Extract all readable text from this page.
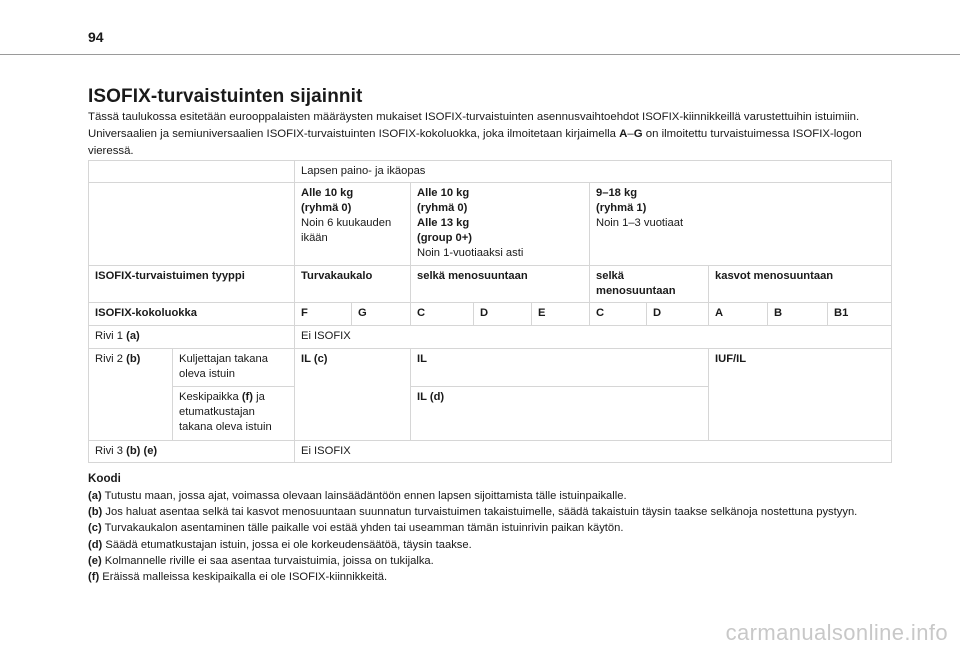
94
ISOFIX-turvaistuinten sijainnit
Tässä taulukossa esitetään eurooppalaisten määräysten mukaiset ISOFIX-turvaistuinten asennusvaihtoehdot ISOFIX-kiinnikkeillä varustettuihin istuimiin.
Universaalien ja semiuniversaalien ISOFIX-turvaistuinten ISOFIX-kokoluokka, joka ilmoitetaan kirjaimella A–G on ilmoitettu turvaistuimessa ISOFIX-logon vieressä.
		Lapsen paino- ja ikäopas									
		Alle 10 kg
(ryhmä 0)
Noin 6 kuukauden ikään		Alle 10 kg
(ryhmä 0)
Alle 13 kg
(group 0+)
Noin 1-vuotiaaksi asti			9–18 kg
(ryhmä 1)
Noin 1–3 vuotiaat				
ISOFIX-turvaistuimen tyyppi		Turvakaukalo		selkä menosuuntaan			selkä menosuuntaan		kasvot menosuuntaan		
ISOFIX-kokoluokka		F	G	C	D	E	C	D	A	B	B1
Rivi 1 (a)		Ei ISOFIX									
Rivi 2 (b)	Kuljettajan takana oleva istuin	IL (c)		IL					IUF/IL		
	Keskipaikka (f) ja etumatkustajan takana oleva istuin			IL (d)							
Rivi 3 (b) (e)		Ei ISOFIX									
Koodi

(a) Tutustu maan, jossa ajat, voimassa olevaan lainsäädäntöön ennen lapsen sijoittamista tälle istuinpaikalle.

(b) Jos haluat asentaa selkä tai kasvot menosuuntaan suunnatun turvaistuimen takaistuimelle, säädä takaistuin täysin taakse selkänoja nostettuna pystyyn.

(c) Turvakaukalon asentaminen tälle paikalle voi estää yhden tai useamman tämän istuinrivin paikan käytön.

(d) Säädä etumatkustajan istuin, jossa ei ole korkeudensäätöä, täysin taakse.

(e) Kolmannelle riville ei saa asentaa turvaistuimia, joissa on tukijalka.

(f) Eräissä malleissa keskipaikalla ei ole ISOFIX-kiinnikkeitä.

carmanualsonline.info
